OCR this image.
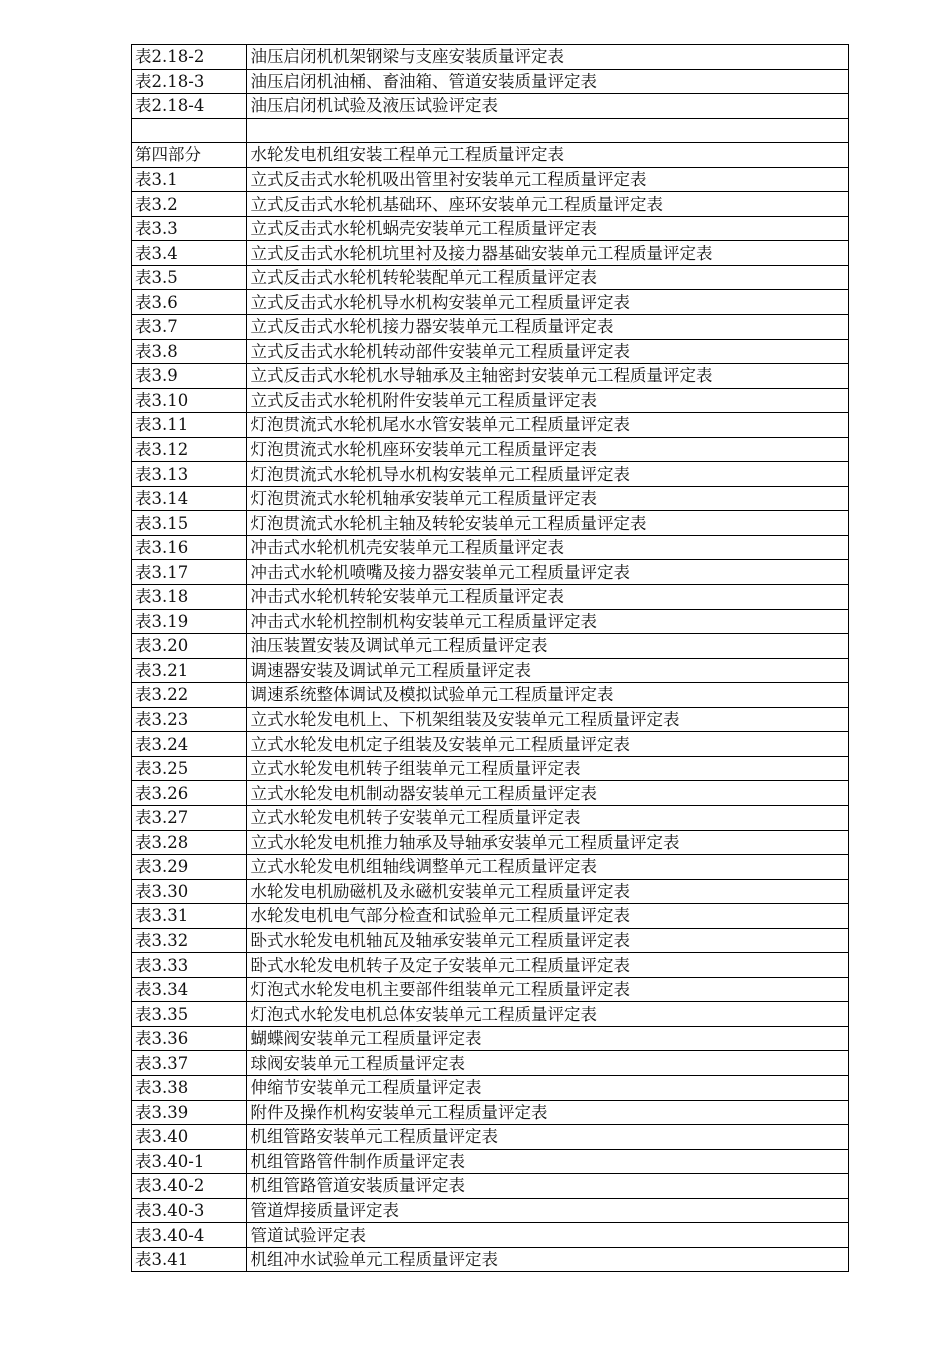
表2.18-2	油压启闭机机架钢梁与支座安装质量评定表
表2.18-3	油压启闭机油桶、畜油箱、管道安装质量评定表
表2.18-4	油压启闭机试验及液压试验评定表

第四部分	水轮发电机组安装工程单元工程质量评定表
表3.1	立式反击式水轮机吸出管里衬安装单元工程质量评定表
表3.2	立式反击式水轮机基础环、座环安装单元工程质量评定表
表3.3	立式反击式水轮机蜗壳安装单元工程质量评定表
表3.4	立式反击式水轮机坑里衬及接力器基础安装单元工程质量评定表
表3.5	立式反击式水轮机转轮装配单元工程质量评定表
表3.6	立式反击式水轮机导水机构安装单元工程质量评定表
表3.7	立式反击式水轮机接力器安装单元工程质量评定表
表3.8	立式反击式水轮机转动部件安装单元工程质量评定表
表3.9	立式反击式水轮机水导轴承及主轴密封安装单元工程质量评定表
表3.10	立式反击式水轮机附件安装单元工程质量评定表
表3.11	灯泡贯流式水轮机尾水水管安装单元工程质量评定表
表3.12	灯泡贯流式水轮机座环安装单元工程质量评定表
表3.13	灯泡贯流式水轮机导水机构安装单元工程质量评定表
表3.14	灯泡贯流式水轮机轴承安装单元工程质量评定表
表3.15	灯泡贯流式水轮机主轴及转轮安装单元工程质量评定表
表3.16	冲击式水轮机机壳安装单元工程质量评定表
表3.17	冲击式水轮机喷嘴及接力器安装单元工程质量评定表
表3.18	冲击式水轮机转轮安装单元工程质量评定表
表3.19	冲击式水轮机控制机构安装单元工程质量评定表
表3.20	油压装置安装及调试单元工程质量评定表
表3.21	调速器安装及调试单元工程质量评定表
表3.22	调速系统整体调试及模拟试验单元工程质量评定表
表3.23	立式水轮发电机上、下机架组装及安装单元工程质量评定表
表3.24	立式水轮发电机定子组装及安装单元工程质量评定表
表3.25	立式水轮发电机转子组装单元工程质量评定表
表3.26	立式水轮发电机制动器安装单元工程质量评定表
表3.27	立式水轮发电机转子安装单元工程质量评定表
表3.28	立式水轮发电机推力轴承及导轴承安装单元工程质量评定表
表3.29	立式水轮发电机组轴线调整单元工程质量评定表
表3.30	水轮发电机励磁机及永磁机安装单元工程质量评定表
表3.31	水轮发电机电气部分检查和试验单元工程质量评定表
表3.32	卧式水轮发电机轴瓦及轴承安装单元工程质量评定表
表3.33	卧式水轮发电机转子及定子安装单元工程质量评定表
表3.34	灯泡式水轮发电机主要部件组装单元工程质量评定表
表3.35	灯泡式水轮发电机总体安装单元工程质量评定表
表3.36	蝴蝶阀安装单元工程质量评定表
表3.37	球阀安装单元工程质量评定表
表3.38	伸缩节安装单元工程质量评定表
表3.39	附件及操作机构安装单元工程质量评定表
表3.40	机组管路安装单元工程质量评定表
表3.40-1	机组管路管件制作质量评定表
表3.40-2	机组管路管道安装质量评定表
表3.40-3	管道焊接质量评定表
表3.40-4	管道试验评定表
表3.41	机组冲水试验单元工程质量评定表
